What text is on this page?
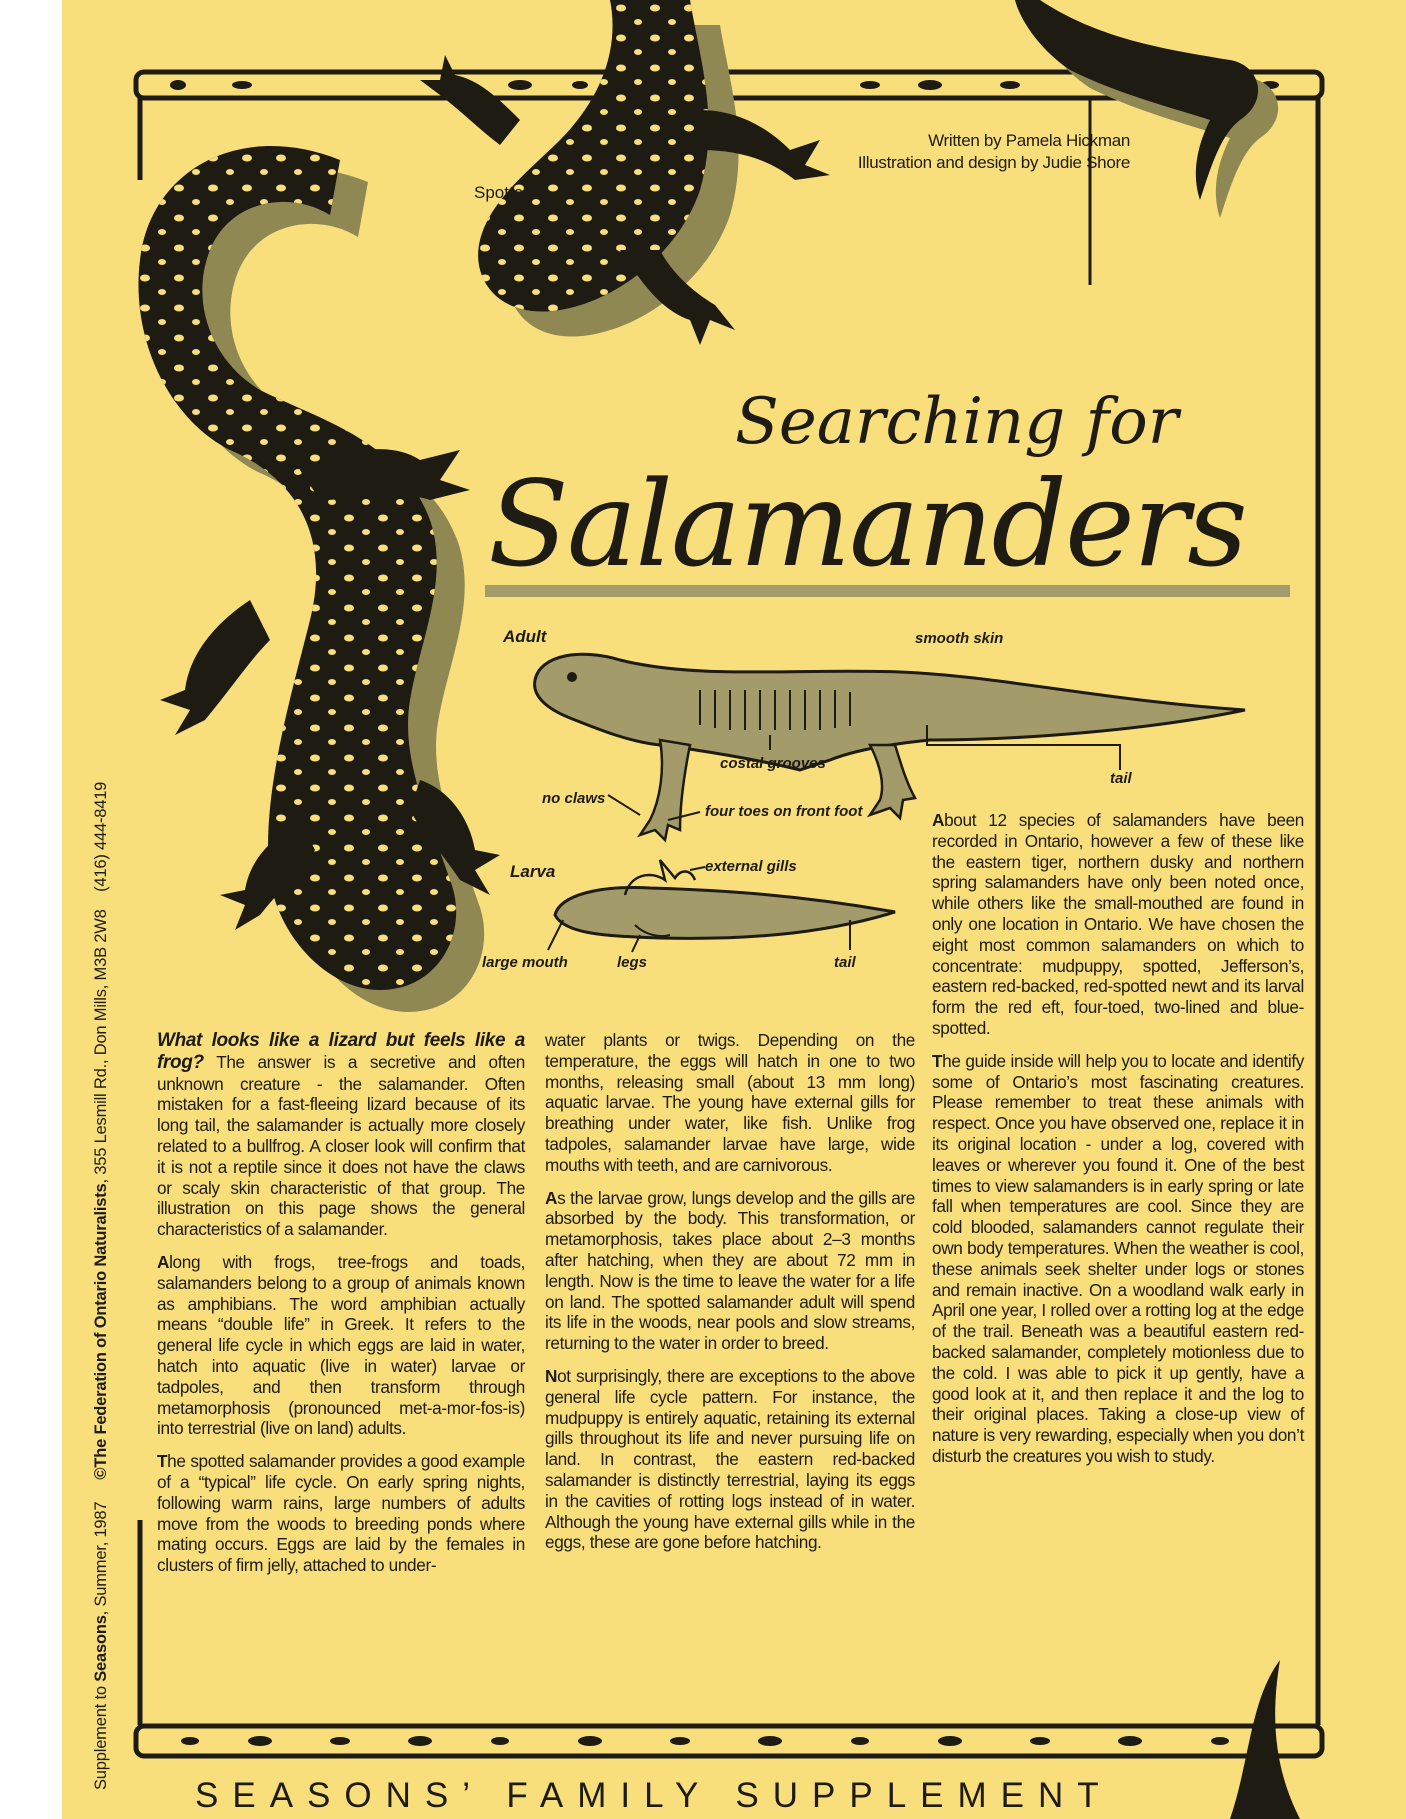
Written by Pamela Hickman
Illustration and design by Judie Shore
Spotted
Searching for
Salamanders
Adult	smooth skin
costal grooves
tail
no claws
four toes on front foot
Larva	external gills
large mouth	legs	tail
Supplement to Seasons, Summer, 1987©The Federation of Ontario Naturalists, 355 Lesmill Rd., Don Mills, M3B 2W8    (416) 444-8419 What looks like a lizard but feels like a frog? The answer is a secretive and often unknown creature - the salamander. Often mistaken for a fast-fleeing lizard because of its long tail, the salamander is actually more closely related to a bullfrog. A closer look will confirm that it is not a reptile since it does not have the claws or scaly skin characteristic of that group. The illustration on this page shows the general characteristics of a salamander.

Along with frogs, tree-frogs and toads, salamanders belong to a group of animals known as amphibians. The word amphibian actually means “double life” in Greek. It refers to the general life cycle in which eggs are laid in water, hatch into aquatic (live in water) larvae or tadpoles, and then transform through metamorphosis (pronounced met-a-mor-fos-is) into terrestrial (live on land) adults.

The spotted salamander provides a good example of a “typical” life cycle. On early spring nights, following warm rains, large numbers of adults move from the woods to breeding ponds where mating occurs. Eggs are laid by the females in clusters of firm jelly, attached to under-

water plants or twigs. Depending on the temperature, the eggs will hatch in one to two months, releasing small (about 13 mm long) aquatic larvae. The young have external gills for breathing under water, like fish. Unlike frog tadpoles, salamander larvae have large, wide mouths with teeth, and are carnivorous.

As the larvae grow, lungs develop and the gills are absorbed by the body. This transformation, or metamorphosis, takes place about 2–3 months after hatching, when they are about 72 mm in length. Now is the time to leave the water for a life on land. The spotted salamander adult will spend its life in the woods, near pools and slow streams, returning to the water in order to breed.

Not surprisingly, there are exceptions to the above general life cycle pattern. For instance, the mudpuppy is entirely aquatic, retaining its external gills throughout its life and never pursuing life on land. In contrast, the eastern red-backed salamander is distinctly terrestrial, laying its eggs in the cavities of rotting logs instead of in water. Although the young have external gills while in the eggs, these are gone before hatching.

About 12 species of salamanders have been recorded in Ontario, however a few of these like the eastern tiger, northern dusky and northern spring salamanders have only been noted once, while others like the small-mouthed are found in only one location in Ontario. We have chosen the eight most common salamanders on which to concentrate: mudpuppy, spotted, Jefferson’s, eastern red-backed, red-spotted newt and its larval form the red eft, four-toed, two-lined and blue-spotted.

The guide inside will help you to locate and identify some of Ontario’s most fascinating creatures. Please remember to treat these animals with respect. Once you have observed one, replace it in its original location - under a log, covered with leaves or wherever you found it. One of the best times to view salamanders is in early spring or late fall when temperatures are cool. Since they are cold blooded, salamanders cannot regulate their own body temperatures. When the weather is cool, these animals seek shelter under logs or stones and remain inactive. On a woodland walk early in April one year, I rolled over a rotting log at the edge of the trail. Beneath was a beautiful eastern red-backed salamander, completely motionless due to the cold. I was able to pick it up gently, have a good look at it, and then replace it and the log to their original places. Taking a close-up view of nature is very rewarding, especially when you don’t disturb the creatures you wish to study.

SEASONS’ FAMILY SUPPLEMENT
